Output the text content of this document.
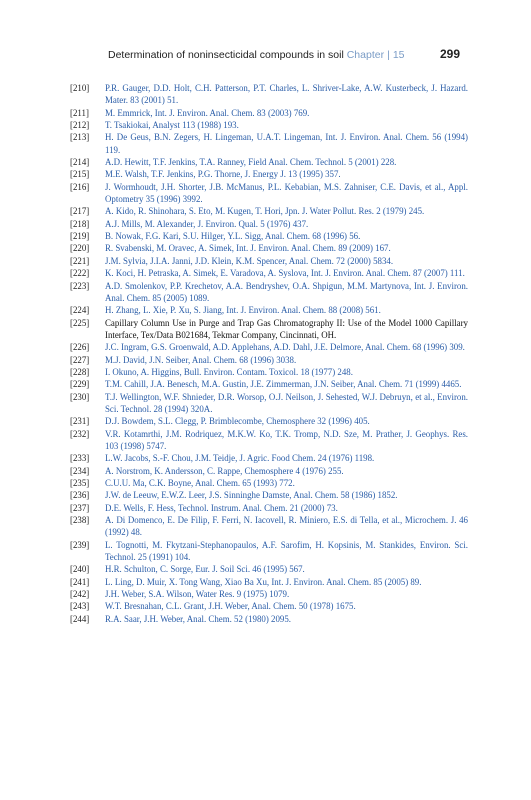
Determination of noninsecticidal compounds in soil Chapter | 15	299
[210] P.R. Gauger, D.D. Holt, C.H. Patterson, P.T. Charles, L. Shriver-Lake, A.W. Kusterbeck, J. Hazard. Mater. 83 (2001) 51.
[211] M. Emmrick, Int. J. Environ. Anal. Chem. 83 (2003) 769.
[212] T. Tsakiokai, Analyst 113 (1988) 193.
[213] H. De Geus, B.N. Zegers, H. Lingeman, U.A.T. Lingeman, Int. J. Environ. Anal. Chem. 56 (1994) 119.
[214] A.D. Hewitt, T.F. Jenkins, T.A. Ranney, Field Anal. Chem. Technol. 5 (2001) 228.
[215] M.E. Walsh, T.F. Jenkins, P.G. Thorne, J. Energy J. 13 (1995) 357.
[216] J. Wormhoudt, J.H. Shorter, J.B. McManus, P.L. Kebabian, M.S. Zahniser, C.E. Davis, et al., Appl. Optometry 35 (1996) 3992.
[217] A. Kido, R. Shinohara, S. Eto, M. Kugen, T. Hori, Jpn. J. Water Pollut. Res. 2 (1979) 245.
[218] A.J. Mills, M. Alexander, J. Environ. Qual. 5 (1976) 437.
[219] B. Nowak, F.G. Kari, S.U. Hilger, Y.L. Sigg, Anal. Chem. 68 (1996) 56.
[220] R. Svabenski, M. Oravec, A. Simek, Int. J. Environ. Anal. Chem. 89 (2009) 167.
[221] J.M. Sylvia, J.I.A. Janni, J.D. Klein, K.M. Spencer, Anal. Chem. 72 (2000) 5834.
[222] K. Koci, H. Petraska, A. Simek, E. Varadova, A. Syslova, Int. J. Environ. Anal. Chem. 87 (2007) 111.
[223] A.D. Smolenkov, P.P. Krechetov, A.A. Bendryshev, O.A. Shpigun, M.M. Martynova, Int. J. Environ. Anal. Chem. 85 (2005) 1089.
[224] H. Zhang, L. Xie, P. Xu, S. Jiang, Int. J. Environ. Anal. Chem. 88 (2008) 561.
[225] Capillary Column Use in Purge and Trap Gas Chromatography II: Use of the Model 1000 Capillary Interface, Tex/Data B021684, Tekmar Company, Cincinnati, OH.
[226] J.C. Ingram, G.S. Groenwald, A.D. Applehans, A.D. Dahl, J.E. Delmore, Anal. Chem. 68 (1996) 309.
[227] M.J. David, J.N. Seiber, Anal. Chem. 68 (1996) 3038.
[228] I. Okuno, A. Higgins, Bull. Environ. Contam. Toxicol. 18 (1977) 248.
[229] T.M. Cahill, J.A. Benesch, M.A. Gustin, J.E. Zimmerman, J.N. Seiber, Anal. Chem. 71 (1999) 4465.
[230] T.J. Wellington, W.F. Shnieder, D.R. Worsop, O.J. Neilson, J. Sehested, W.J. Debruyn, et al., Environ. Sci. Technol. 28 (1994) 320A.
[231] D.J. Bowdem, S.L. Clegg, P. Brimblecombe, Chemosphere 32 (1996) 405.
[232] V.R. Kotamrthi, J.M. Rodriquez, M.K.W. Ko, T.K. Tromp, N.D. Sze, M. Prather, J. Geophys. Res. 103 (1998) 5747.
[233] L.W. Jacobs, S.-F. Chou, J.M. Teidje, J. Agric. Food Chem. 24 (1976) 1198.
[234] A. Norstrom, K. Andersson, C. Rappe, Chemosphere 4 (1976) 255.
[235] C.U.U. Ma, C.K. Boyne, Anal. Chem. 65 (1993) 772.
[236] J.W. de Leeuw, E.W.Z. Leer, J.S. Sinninghe Damste, Anal. Chem. 58 (1986) 1852.
[237] D.E. Wells, F. Hess, Technol. Instrum. Anal. Chem. 21 (2000) 73.
[238] A. Di Domenco, E. De Filip, F. Ferri, N. Iacovell, R. Miniero, E.S. di Tella, et al., Microchem. J. 46 (1992) 48.
[239] L. Tognotti, M. Fkytzani-Stephanopaulos, A.F. Sarofim, H. Kopsinis, M. Stankides, Environ. Sci. Technol. 25 (1991) 104.
[240] H.R. Schulton, C. Sorge, Eur. J. Soil Sci. 46 (1995) 567.
[241] L. Ling, D. Muir, X. Tong Wang, Xiao Ba Xu, Int. J. Environ. Anal. Chem. 85 (2005) 89.
[242] J.H. Weber, S.A. Wilson, Water Res. 9 (1975) 1079.
[243] W.T. Bresnahan, C.L. Grant, J.H. Weber, Anal. Chem. 50 (1978) 1675.
[244] R.A. Saar, J.H. Weber, Anal. Chem. 52 (1980) 2095.
